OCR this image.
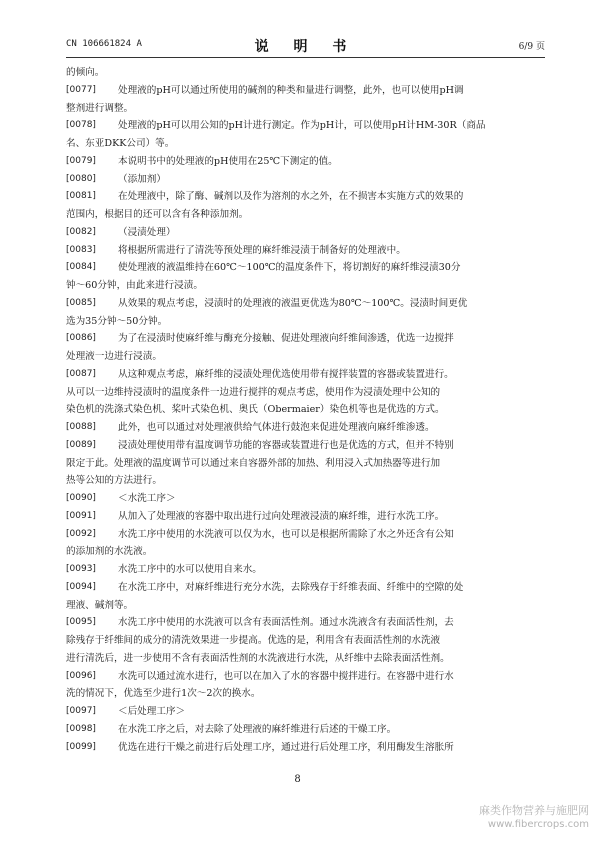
CN 106661824 A	说 明 书	6/9 页
的倾向。
[0077]	处理液的pH可以通过所使用的碱剂的种类和量进行调整，此外，也可以使用pH调
整剂进行调整。
[0078]	处理液的pH可以用公知的pH计进行测定。作为pH计，可以使用pH计HM-30R（商品
名、东亚DKK公司）等。
[0079]	本说明书中的处理液的pH使用在25℃下测定的值。
[0080]	（添加剂）
[0081]	在处理液中，除了酶、碱剂以及作为溶剂的水之外，在不损害本实施方式的效果的
范围内，根据目的还可以含有各种添加剂。
[0082]	（浸渍处理）
[0083]	将根据所需进行了清洗等预处理的麻纤维浸渍于制备好的处理液中。
[0084]	使处理液的液温维持在60℃～100℃的温度条件下，将切割好的麻纤维浸渍30分
钟～60分钟，由此来进行浸渍。
[0085]	从效果的观点考虑，浸渍时的处理液的液温更优选为80℃～100℃。浸渍时间更优
选为35分钟～50分钟。
[0086]	为了在浸渍时使麻纤维与酶充分接触、促进处理液向纤维间渗透，优选一边搅拌
处理液一边进行浸渍。
[0087]	从这种观点考虑，麻纤维的浸渍处理优选使用带有搅拌装置的容器或装置进行。
从可以一边维持浸渍时的温度条件一边进行搅拌的观点考虑，使用作为浸渍处理中公知的
染色机的洗涤式染色机、桨叶式染色机、奥氏（Obermaier）染色机等也是优选的方式。
[0088]	此外，也可以通过对处理液供给气体进行鼓泡来促进处理液向麻纤维渗透。
[0089]	浸渍处理使用带有温度调节功能的容器或装置进行也是优选的方式，但并不特别
限定于此。处理液的温度调节可以通过来自容器外部的加热、利用浸入式加热器等进行加
热等公知的方法进行。
[0090]	＜水洗工序＞
[0091]	从加入了处理液的容器中取出进行过向处理液浸渍的麻纤维，进行水洗工序。
[0092]	水洗工序中使用的水洗液可以仅为水，也可以是根据所需除了水之外还含有公知
的添加剂的水洗液。
[0093]	水洗工序中的水可以使用自来水。
[0094]	在水洗工序中，对麻纤维进行充分水洗，去除残存于纤维表面、纤维中的空隙的处
理液、碱剂等。
[0095]	水洗工序中使用的水洗液可以含有表面活性剂。通过水洗液含有表面活性剂，去
除残存于纤维间的成分的清洗效果进一步提高。优选的是，利用含有表面活性剂的水洗液
进行清洗后，进一步使用不含有表面活性剂的水洗液进行水洗，从纤维中去除表面活性剂。
[0096]	水洗可以通过流水进行，也可以在加入了水的容器中搅拌进行。在容器中进行水
洗的情况下，优选至少进行1次～2次的换水。
[0097]	＜后处理工序＞
[0098]	在水洗工序之后，对去除了处理液的麻纤维进行后述的干燥工序。
[0099]	优选在进行干燥之前进行后处理工序，通过进行后处理工序，利用酶发生溶胀所
8
麻类作物营养与施肥网
www.fibercrops.com
